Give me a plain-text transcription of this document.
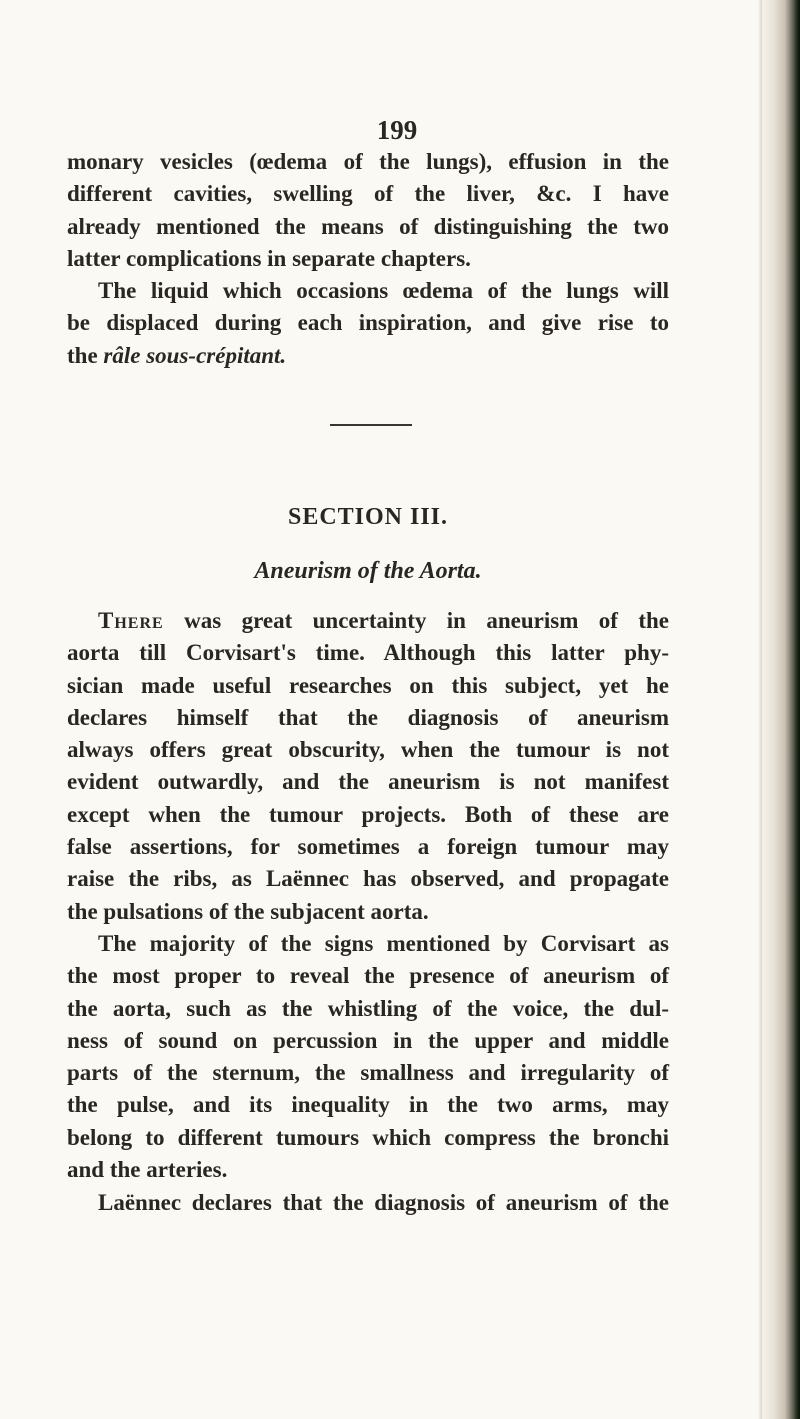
199
monary vesicles (œdema of the lungs), effusion in the
different cavities, swelling of the liver, &c. I have
already mentioned the means of distinguishing the two
latter complications in separate chapters.
The liquid which occasions œdema of the lungs will
be displaced during each inspiration, and give rise to
the râle sous-crépitant.
SECTION III.
Aneurism of the Aorta.
There was great uncertainty in aneurism of the
aorta till Corvisart's time. Although this latter phy-
sician made useful researches on this subject, yet he
declares himself that the diagnosis of aneurism
always offers great obscurity, when the tumour is not
evident outwardly, and the aneurism is not manifest
except when the tumour projects. Both of these are
false assertions, for sometimes a foreign tumour may
raise the ribs, as Laënnec has observed, and propagate
the pulsations of the subjacent aorta.
The majority of the signs mentioned by Corvisart as
the most proper to reveal the presence of aneurism of
the aorta, such as the whistling of the voice, the dul-
ness of sound on percussion in the upper and middle
parts of the sternum, the smallness and irregularity of
the pulse, and its inequality in the two arms, may
belong to different tumours which compress the bronchi
and the arteries.
Laënnec declares that the diagnosis of aneurism of the
